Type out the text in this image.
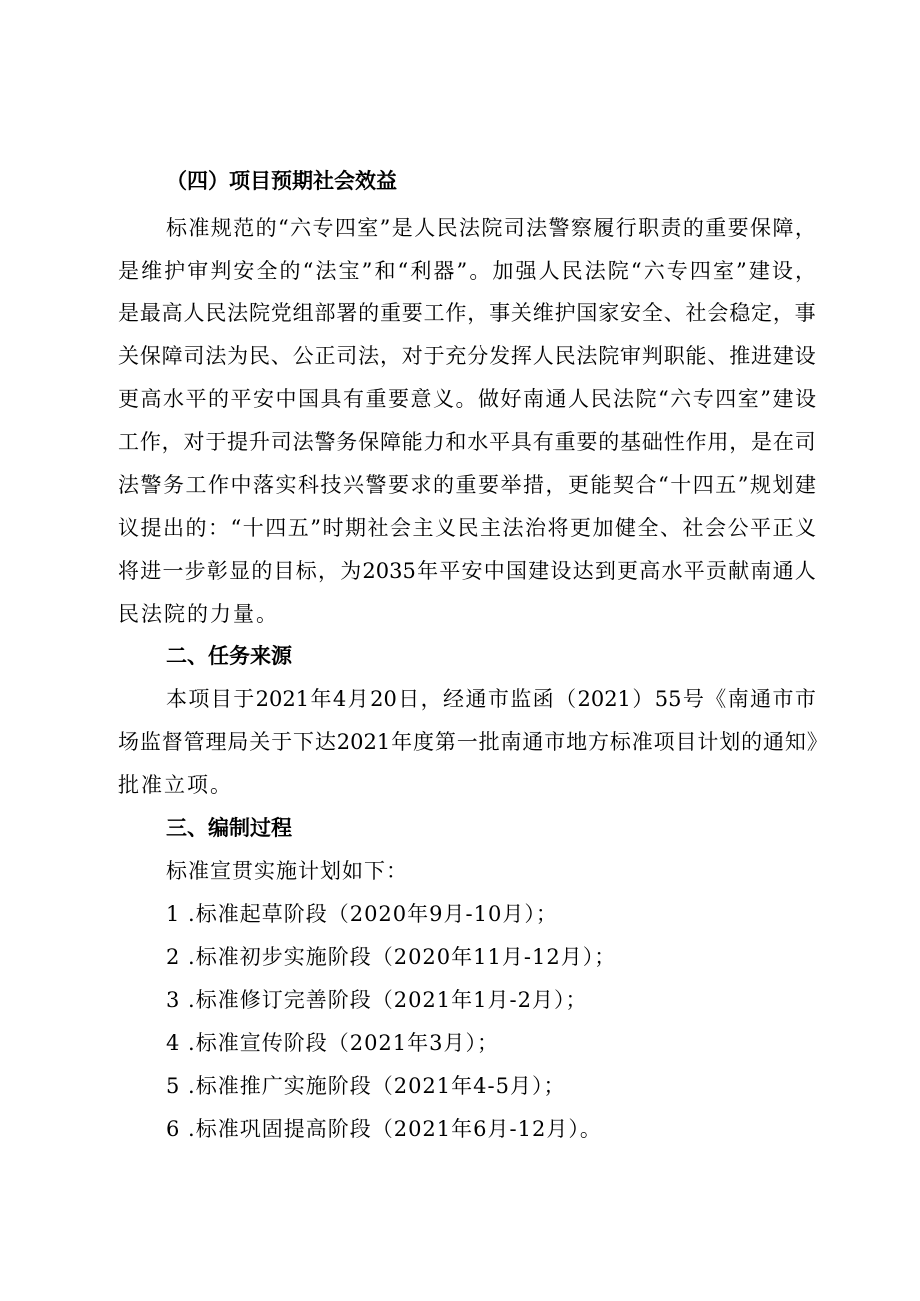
（四）项目预期社会效益
标 准 规 范 的 “ 六 专 四 室 ” 是 人 民 法 院 司 法 警 察 履 行 职 责 的 重 要 保 障 ，
是 维 护 审 判 安 全 的 “ 法 宝 ” 和 “ 利 器 ” 。 加 强 人 民 法 院 “ 六 专 四 室 ” 建 设 ，
是 最 高 人 民 法 院 党 组 部 署 的 重 要 工 作 ， 事 关 维 护 国 家 安 全 、 社 会 稳 定 ， 事
关 保 障 司 法 为 民 、 公 正 司 法 ， 对 于 充 分 发 挥 人 民 法 院 审 判 职 能 、 推 进 建 设
更 高 水 平 的 平 安 中 国 具 有 重 要 意 义 。 做 好 南 通 人 民 法 院 “ 六 专 四 室 ” 建 设
工 作 ， 对 于 提 升 司 法 警 务 保 障 能 力 和 水 平 具 有 重 要 的 基 础 性 作 用 ， 是 在 司
法 警 务 工 作 中 落 实 科 技 兴 警 要 求 的 重 要 举 措 ， 更 能 契 合 “ 十 四 五 ” 规 划 建
议 提 出 的 ： “ 十 四 五 ” 时 期 社 会 主 义 民 主 法 治 将 更 加 健 全 、 社 会 公 平 正 义
将 进 一 步 彰 显 的 目 标 ， 为 2035 年 平 安 中 国 建 设 达 到 更 高 水 平 贡 献 南 通 人
民法院的力量。
二、任务来源
本 项 目 于 2021 年 4 月 20 日 ， 经 通 市 监 函 （ 2021 ） 55 号 《 南 通 市 市
场 监 督 管 理 局 关 于 下 达 2021 年 度 第 一 批 南 通 市 地 方 标 准 项 目 计 划 的 通 知 》
批准立项。
三、编制过程
标准宣贯实施计划如下：
1 .标准起草阶段（2020年9月-10月）；
2 .标准初步实施阶段（2020年11月-12月）；
3 .标准修订完善阶段（2021年1月-2月）；
4 .标准宣传阶段（2021年3月）；
5 .标准推广实施阶段（2021年4-5月）；
6 .标准巩固提高阶段（2021年6月-12月）。
